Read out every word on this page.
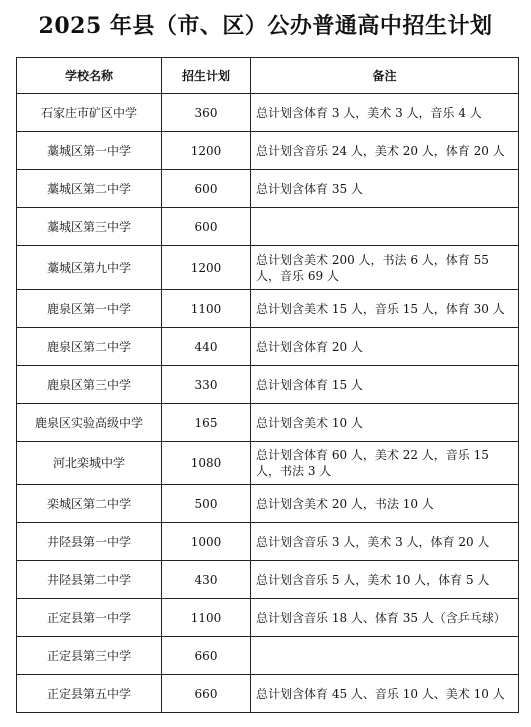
2025 年县（市、区）公办普通高中招生计划
学校名称	招生计划	备注
石家庄市矿区中学	360	总计划含体育 3 人，美术 3 人，音乐 4 人
藁城区第一中学	1200	总计划含音乐 24 人，美术 20 人，体育 20 人
藁城区第二中学	600	总计划含体育 35 人
藁城区第三中学	600	
藁城区第九中学	1200	总计划含美术 200 人，书法 6 人，体育 55 人，音乐 69 人
鹿泉区第一中学	1100	总计划含美术 15 人，音乐 15 人，体育 30 人
鹿泉区第二中学	440	总计划含体育 20 人
鹿泉区第三中学	330	总计划含体育 15 人
鹿泉区实验高级中学	165	总计划含美术 10 人
河北栾城中学	1080	总计划含体育 60 人，美术 22 人，音乐 15 人，书法 3 人
栾城区第二中学	500	总计划含美术 20 人，书法 10 人
井陉县第一中学	1000	总计划含音乐 3 人，美术 3 人，体育 20 人
井陉县第二中学	430	总计划含音乐 5 人，美术 10 人，体育 5 人
正定县第一中学	1100	总计划含音乐 18 人、体育 35 人（含乒乓球）
正定县第三中学	660	
正定县第五中学	660	总计划含体育 45 人、音乐 10 人、美术 10 人
